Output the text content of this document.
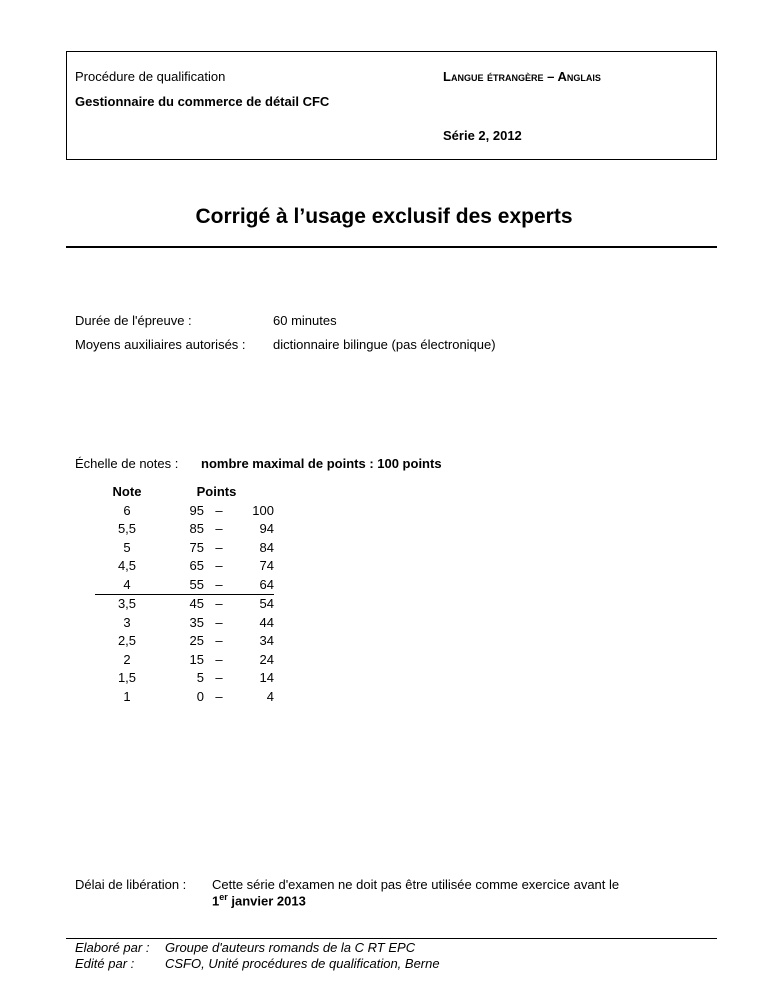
Procédure de qualification	Langue étrangère – Anglais
Gestionnaire du commerce de détail CFC
Série 2, 2012
Corrigé à l’usage exclusif des experts
Durée de l'épreuve :	60 minutes
Moyens auxiliaires autorisés : dictionnaire bilingue (pas électronique)
Échelle de notes : nombre maximal de points : 100 points
Note	Points		
6	95	–	100
5,5	85	–	94
5	75	–	84
4,5	65	–	74
4	55	–	64
3,5	45	–	54
3	35	–	44
2,5	25	–	34
2	15	–	24
1,5	5	–	14
1	0	–	4
Délai de libération : Cette série d'examen ne doit pas être utilisée comme exercice avant le
1er janvier 2013
Elaboré par : Groupe d'auteurs romands de la C RT EPC
Edité par : CSFO, Unité procédures de qualification, Berne
